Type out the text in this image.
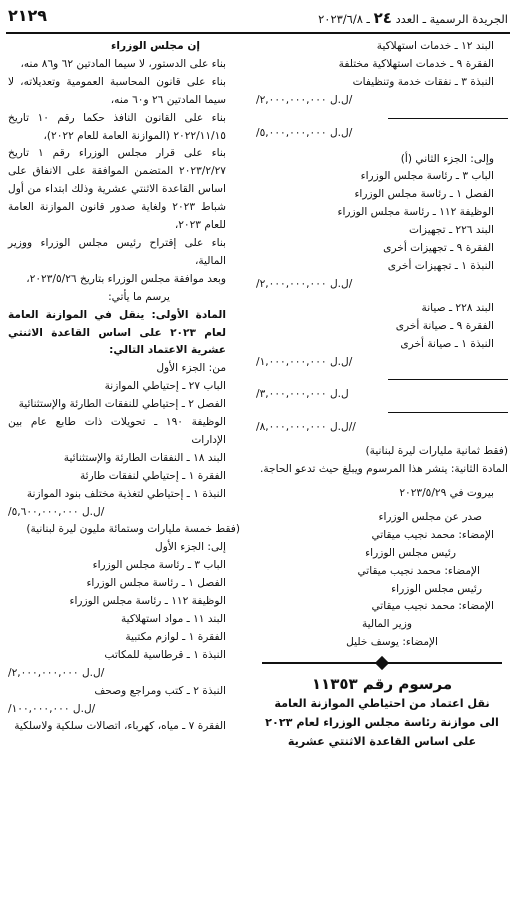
الجريدة الرسمية ـ العدد ٢٤ ـ ٢٠٢٣/٦/٨
٢١٢٩
البند ١٢ ـ خدمات استهلاكية
الفقرة ٩ ـ خدمات استهلاكية مختلفة
النبذة ٣ ـ نفقات خدمة وتنظيفات
/ل.ل ٢,٠٠٠,٠٠٠,٠٠٠/
/ل.ل ٥,٠٠٠,٠٠٠,٠٠٠/
وإلى: الجزء الثاني (أ)
الباب ٣ ـ رئاسة مجلس الوزراء
الفصل ١ ـ رئاسة مجلس الوزراء
الوظيفة ١١٢ ـ رئاسة مجلس الوزراء
البند ٢٢٦ ـ تجهيزات
الفقرة ٩ ـ تجهيزات أخرى
النبذة ١ ـ تجهيزات أخرى
/ل.ل ٢,٠٠٠,٠٠٠,٠٠٠/
البند ٢٢٨ ـ صيانة
الفقرة ٩ ـ صيانة أخرى
النبذة ١ ـ صيانة أخرى
/ل.ل ١,٠٠٠,٠٠٠,٠٠٠/
/ل.ل ٣,٠٠٠,٠٠٠,٠٠٠
/ل.ل ٨,٠٠٠,٠٠٠,٠٠٠//
(فقط ثمانية مليارات ليرة لبنانية)
المادة الثانية: ينشر هذا المرسوم ويبلغ حيث تدعو الحاجة.
بيروت في ٢٠٢٣/٥/٢٩
صدر عن مجلس الوزراء
الإمضاء: محمد نجيب ميقاتي
رئيس مجلس الوزراء
الإمضاء: محمد نجيب ميقاتي
رئيس مجلس الوزراء
الإمضاء: محمد نجيب ميقاتي
وزير المالية
الإمضاء: يوسف خليل
مرسوم رقم ١١٣٥٣
نقل اعتماد من احتياطي الموازنة العامة
الى موازنة رئاسة مجلس الوزراء لعام ٢٠٢٣
على اساس القاعدة الاثنتي عشرية
إن مجلس الوزراء
بناء على الدستور، لا سيما المادتين ٦٢ و٨٦ منه،
بناء على قانون المحاسبة العمومية وتعديلاته، لا سيما المادتين ٢٦ و٦٠ منه،
بناء على القانون النافذ حكما رقم ١٠ تاريخ ٢٠٢٢/١١/١٥ (الموازنة العامة للعام ٢٠٢٢)،
بناء على قرار مجلس الوزراء رقم ١ تاريخ ٢٠٢٣/٢/٢٧ المتضمن الموافقة على الانفاق على اساس القاعدة الاثنتي عشرية وذلك ابتداء من أول شباط ٢٠٢٣ ولغاية صدور قانون الموازنة العامة للعام ٢٠٢٣،
بناء على إقتراح رئيس مجلس الوزراء ووزير المالية،
وبعد موافقة مجلس الوزراء بتاريخ ٢٠٢٣/٥/٢٦،
يرسم ما يأتي:
المادة الأولى: ينقل في الموازنة العامة لعام ٢٠٢٣ على اساس القاعدة الاثنتي عشرية الاعتماد التالي:
من: الجزء الأول
الباب ٢٧ ـ إحتياطي الموازنة
الفصل ٢ ـ إحتياطي للنفقات الطارئة والإستثنائية
الوظيفة ١٩٠ ـ تحويلات ذات طابع عام بين الإدارات
البند ١٨ ـ النفقات الطارئة والإستثنائية
الفقرة ١ ـ إحتياطي لنفقات طارئة
النبذة ١ ـ إحتياطي لتغذية مختلف بنود الموازنة
/ل.ل ٥,٦٠٠,٠٠٠,٠٠٠/
(فقط خمسة مليارات وستمائة مليون ليرة لبنانية)
إلى: الجزء الأول
الباب ٣ ـ رئاسة مجلس الوزراء
الفصل ١ ـ رئاسة مجلس الوزراء
الوظيفة ١١٢ ـ رئاسة مجلس الوزراء
البند ١١ ـ مواد استهلاكية
الفقرة ١ ـ لوازم مكتبية
النبذة ١ ـ قرطاسية للمكاتب
/ل.ل ٢,٠٠٠,٠٠٠,٠٠٠/
النبذة ٢ ـ كتب ومراجع وصحف
/ل.ل ١٠٠,٠٠٠,٠٠٠/
الفقرة ٧ ـ مياه، كهرباء، اتصالات سلكية ولاسلكية
